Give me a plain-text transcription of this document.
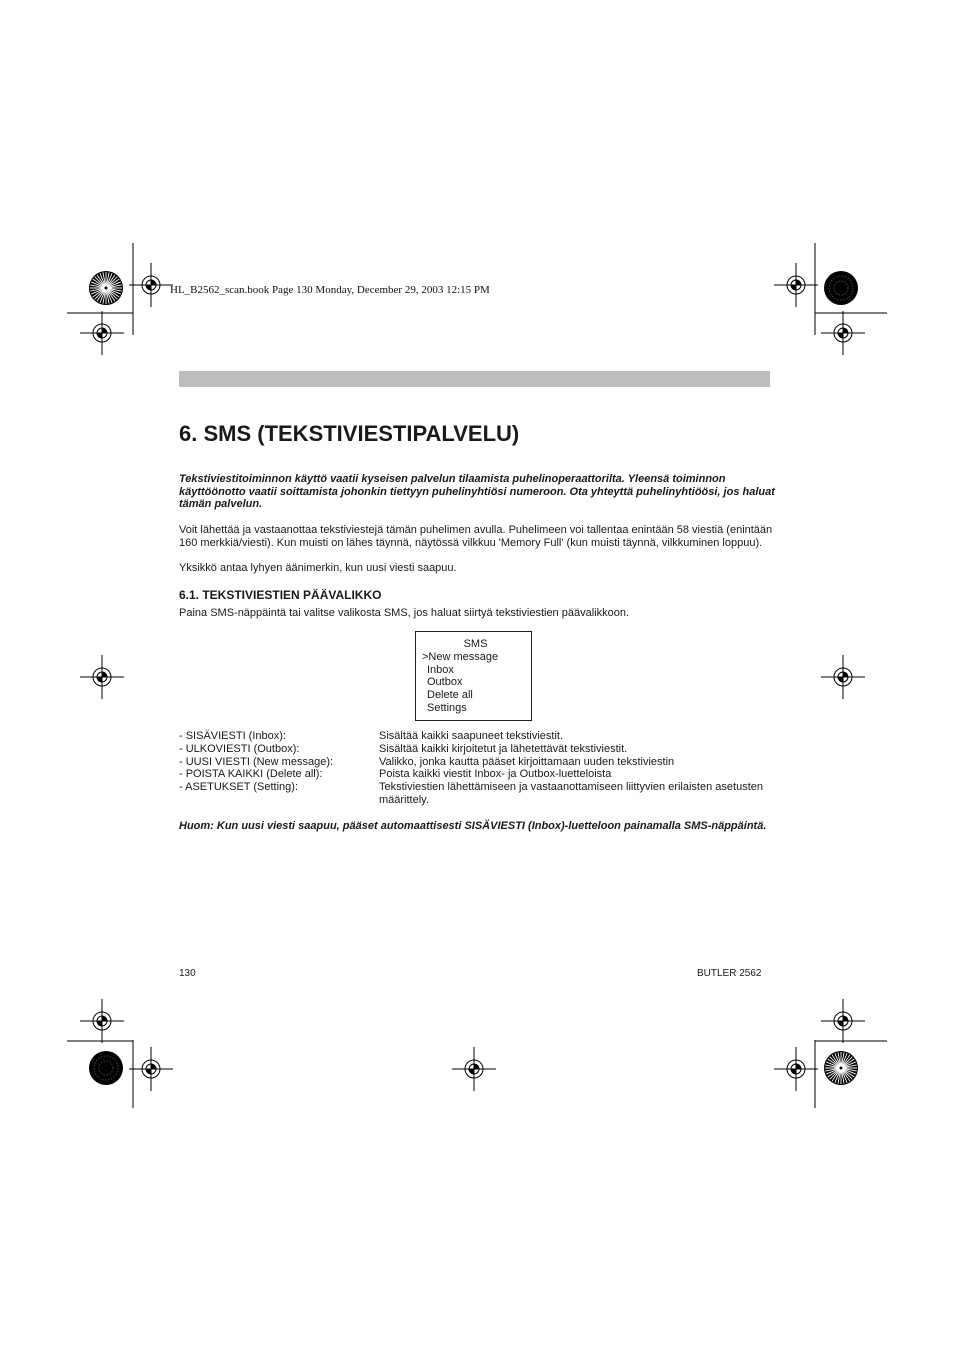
HL_B2562_scan.book Page 130 Monday, December 29, 2003 12:15 PM
6. SMS (TEKSTIVIESTIPALVELU)

Tekstiviestitoiminnon käyttö vaatii kyseisen palvelun tilaamista puhelinoperaattorilta. Yleensä toiminnon käyttöönotto vaatii soittamista johonkin tiettyyn puhelinyhtiösi numeroon. Ota yhteyttä puhelinyhtiöösi, jos haluat tämän palvelun.

Voit lähettää ja vastaanottaa tekstiviestejä tämän puhelimen avulla. Puhelimeen voi tallentaa enintään 58 viestiä (enintään 160 merkkiä/viesti). Kun muisti on lähes täynnä, näytössä vilkkuu 'Memory Full' (kun muisti täynnä, vilkkuminen loppuu).

Yksikkö antaa lyhyen äänimerkin, kun uusi viesti saapuu.

6.1. TEKSTIVIESTIEN PÄÄVALIKKO

Paina SMS-näppäintä tai valitse valikosta SMS, jos haluat siirtyä tekstiviestien päävalikkoon.

SMS
>New message
Inbox
Outbox
Delete all
Settings
- SISÄVIESTI (Inbox):	Sisältää kaikki saapuneet tekstiviestit.
- ULKOVIESTI (Outbox):	Sisältää kaikki kirjoitetut ja lähetettävät tekstiviestit.
- UUSI VIESTI (New message):	Valikko, jonka kautta pääset kirjoittamaan uuden tekstiviestin
- POISTA KAIKKI (Delete all):	Poista kaikki viestit Inbox- ja Outbox-luetteloista
- ASETUKSET (Setting):	Tekstiviestien lähettämiseen ja vastaanottamiseen liittyvien erilaisten asetusten määrittely.

Huom: Kun uusi viesti saapuu, pääset automaattisesti SISÄVIESTI (Inbox)-luetteloon painamalla SMS-näppäintä.

130	BUTLER 2562
